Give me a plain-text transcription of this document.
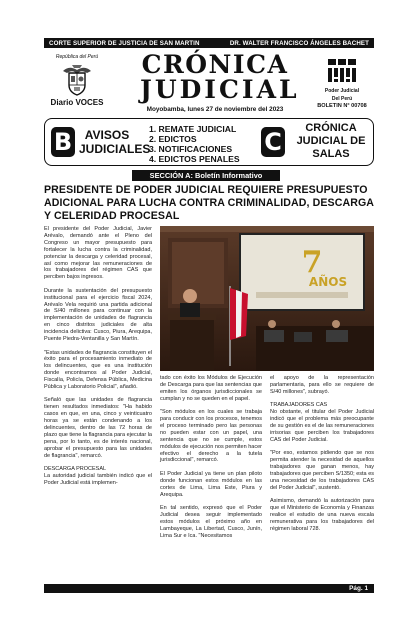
CORTE SUPERIOR DE JUSTICIA DE SAN MARTIN	DR. WALTER FRANCISCO ÁNGELES BACHET
República del Perú
Diario VOCES
CRÓNICA
JUDICIAL
Moyobamba, lunes 27 de noviembre del 2023
Poder Judicial
Del Perú
BOLETIN N° 00708
B	AVISOS JUDICIALES
1. REMATE JUDICIAL
2. EDICTOS
3. NOTIFICACIONES
4. EDICTOS PENALES
C	CRÓNICA JUDICIAL DE SALAS
SECCIÓN A: Boletín Informativo
PRESIDENTE DE PODER JUDICIAL REQUIERE PRESUPUESTO ADICIONAL PARA LUCHA CONTRA CRIMINALIDAD, DESCARGA Y CELERIDAD PROCESAL

El presidente del Poder Judicial, Javier Arévalo, demandó ante el Pleno del Congreso un mayor presupuesto para fortalecer la lucha contra la criminalidad, potenciar la descarga y celeridad procesal, así como mejorar las remuneraciones de los trabajadores del régimen CAS que perciben bajos ingresos.

Durante la sustentación del presupuesto institucional para el ejercicio fiscal 2024, Arévalo Vela requirió una partida adicional de S/40 millones para continuar con la implementación de unidades de flagrancia en cinco distritos judiciales de alta incidencia delictiva: Cusco, Piura, Arequipa, Puente Piedra-Ventanilla y San Martín.

"Estas unidades de flagrancia constituyen el éxito para el procesamiento inmediato de los delincuentes, que es una institución donde encontramos al Poder Judicial, Fiscalía, Policía, Defensa Pública, Medicina Pública y Laboratorio Policial", añadió.

Señaló que las unidades de flagrancia tienen resultados inmediatos: "Ha habido casos en que, en una, cinco y veinticuatro horas ya se están condenando a los delincuentes, dentro de las 72 horas de plazo que tiene la flagrancia para ejecutar la pena, por lo tanto, es de interés nacional, aprobar el presupuesto para las unidades de flagrancia", remarcó.

DESCARGA PROCESAL

La autoridad judicial también indicó que el Poder Judicial está implemen-

7
AÑOS

tado con éxito los Módulos de Ejecución de Descarga para que las sentencias que emiten los órganos jurisdiccionales se cumplan y no se queden en el papel.

"Son módulos en los cuales se trabaja para conducir con los procesos, tenemos el proceso terminado pero las personas no pueden estar con un papel, una sentencia que no se cumple, estos módulos de ejecución nos permiten hacer efectivo el derecho a la tutela jurisdiccional", remarcó.

El Poder Judicial ya tiene un plan piloto donde funcionan estos módulos en las cortes de Lima, Lima Este, Piura y Arequipa.

En tal sentido, expresó que el Poder Judicial desea seguir implementado estos módulos el próximo año en Lambayeque, La Libertad, Cusco, Junín, Lima Sur e Ica. "Necesitamos

el apoyo de la representación parlamentaria, para ello se requiere de S/40 millones", subrayó.

TRABAJADORES CAS

No obstante, el titular del Poder Judicial indicó que el problema más preocupante de su gestión es el de las remuneraciones irrisorias que perciben los trabajadores CAS del Poder Judicial.

"Por eso, estamos pidiendo que se nos permita atender la necesidad de aquellos trabajadores que ganan menos, hay trabajadores que perciben S/1350; esta es una necesidad de los trabajadores CAS del Poder Judicial", sustentó.

Asimismo, demandó la autorización para que el Ministerio de Economía y Finanzas realice el estudio de una nueva escala remunerativa para los trabajadores del régimen laboral 728.

Pág. 1
